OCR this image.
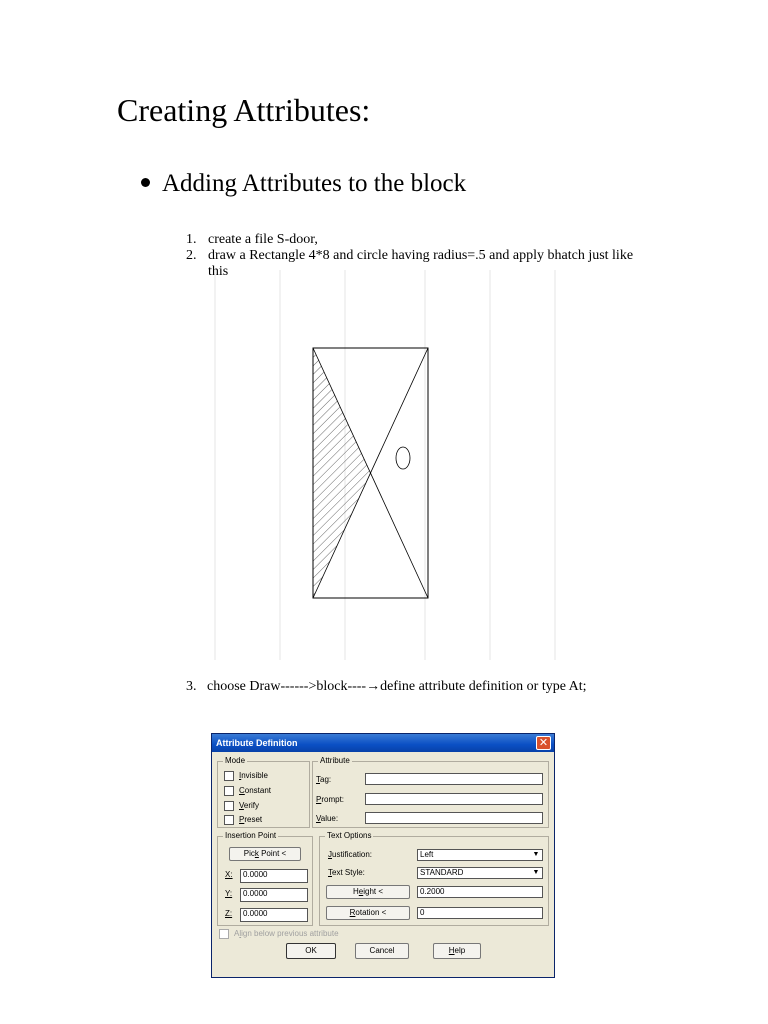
Creating Attributes:
Adding Attributes to the block
1. create a file S-door,
2. draw a Rectangle 4*8 and circle having radius=.5 and apply bhatch just like this
3. choose Draw------>block----→define attribute definition or type At;
Attribute Definition	✕
Mode
Invisible
Constant
Verify
Preset
Attribute
Tag:
Prompt:
Value:
Insertion Point
Pick Point <
X:	0.0000
Y:	0.0000
Z:	0.0000
Text Options
Justification:	Left	▼
Text Style:	STANDARD	▼
Height <	0.2000
Rotation <	0
Align below previous attribute
OK	Cancel	Help
